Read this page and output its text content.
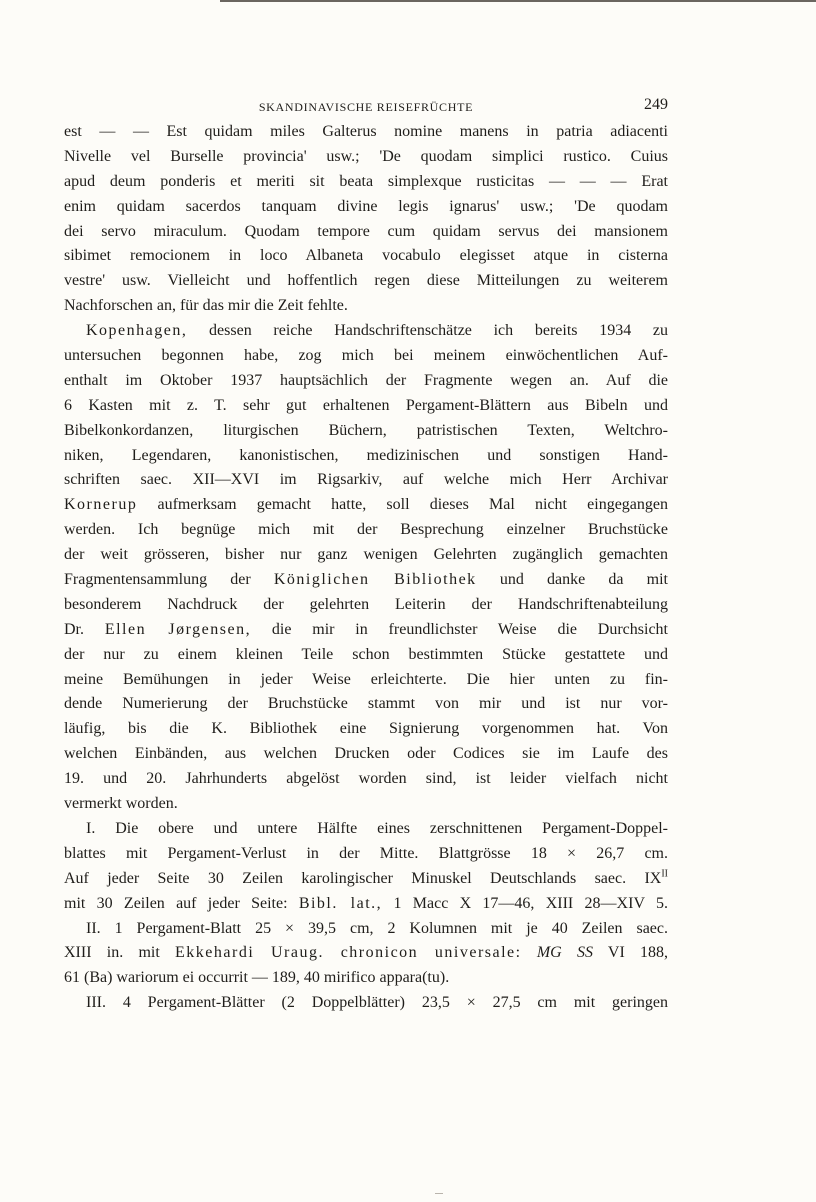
SKANDINAVISCHE REISEFRÜCHTE	249
est — — Est quidam miles Galterus nomine manens in patria adiacenti
Nivelle vel Burselle provincia' usw.; 'De quodam simplici rustico. Cuius
apud deum ponderis et meriti sit beata simplexque rusticitas — — — Erat
enim quidam sacerdos tanquam divine legis ignarus' usw.; 'De quodam
dei servo miraculum. Quodam tempore cum quidam servus dei mansionem
sibimet remocionem in loco Albaneta vocabulo elegisset atque in cisterna
vestre' usw. Vielleicht und hoffentlich regen diese Mitteilungen zu weiterem
Nachforschen an, für das mir die Zeit fehlte.
Kopenhagen, dessen reiche Handschriftenschätze ich bereits 1934 zu
untersuchen begonnen habe, zog mich bei meinem einwöchentlichen Auf-
enthalt im Oktober 1937 hauptsächlich der Fragmente wegen an. Auf die
6 Kasten mit z. T. sehr gut erhaltenen Pergament-Blättern aus Bibeln und
Bibelkonkordanzen, liturgischen Büchern, patristischen Texten, Weltchro-
niken, Legendaren, kanonistischen, medizinischen und sonstigen Hand-
schriften saec. XII—XVI im Rigsarkiv, auf welche mich Herr Archivar
Kornerup aufmerksam gemacht hatte, soll dieses Mal nicht eingegangen
werden. Ich begnüge mich mit der Besprechung einzelner Bruchstücke
der weit grösseren, bisher nur ganz wenigen Gelehrten zugänglich gemachten
Fragmentensammlung der Königlichen Bibliothek und danke da mit
besonderem Nachdruck der gelehrten Leiterin der Handschriftenabteilung
Dr. Ellen Jørgensen, die mir in freundlichster Weise die Durchsicht
der nur zu einem kleinen Teile schon bestimmten Stücke gestattete und
meine Bemühungen in jeder Weise erleichterte. Die hier unten zu fin-
dende Numerierung der Bruchstücke stammt von mir und ist nur vor-
läufig, bis die K. Bibliothek eine Signierung vorgenommen hat. Von
welchen Einbänden, aus welchen Drucken oder Codices sie im Laufe des
19. und 20. Jahrhunderts abgelöst worden sind, ist leider vielfach nicht
vermerkt worden.
I. Die obere und untere Hälfte eines zerschnittenen Pergament-Doppel-
blattes mit Pergament-Verlust in der Mitte. Blattgrösse 18 × 26,7 cm.
Auf jeder Seite 30 Zeilen karolingischer Minuskel Deutschlands saec. $IX^{II}$
mit 30 Zeilen auf jeder Seite: Bibl. lat., 1 Macc X 17—46, XIII 28—XIV 5.
II. 1 Pergament-Blatt 25 × 39,5 cm, 2 Kolumnen mit je 40 Zeilen saec.
XIII in. mit Ekkehardi Uraug. chronicon universale: MG SS VI 188,
61 (Ba) wariorum ei occurrit — 189, 40 mirifico appara(tu).
III. 4 Pergament-Blätter (2 Doppelblätter) 23,5 × 27,5 cm mit geringen
